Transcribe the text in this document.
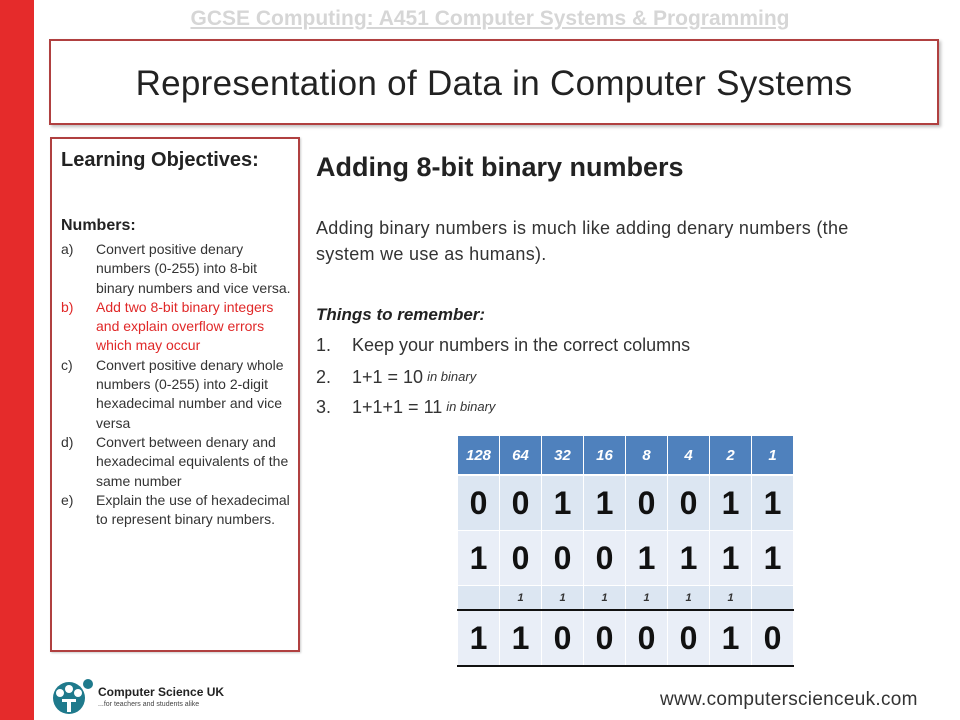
GCSE Computing: A451 Computer Systems & Programming
Representation of Data in Computer Systems
Learning Objectives:
Numbers:
a)	Convert positive denary numbers (0-255) into 8-bit binary numbers and vice versa.
b)	Add two 8-bit binary integers and explain overflow errors which may occur
c)	Convert positive denary whole numbers (0-255) into 2-digit hexadecimal number and vice versa
d)	Convert between denary and hexadecimal equivalents of the same number
e)	Explain the use of hexadecimal to represent binary numbers.
Adding 8-bit binary numbers
Adding binary numbers is much like adding denary numbers (the system we use as humans).
Things to remember:
1.	Keep your numbers in the correct columns
2.	1+1 = 10 in binary
3.	1+1+1 = 11 in binary
128	64	32	16	8	4	2	1
0	0	1	1	0	0	1	1
1	0	0	0	1	1	1	1
	1	1	1	1	1	1	
1	1	0	0	0	0	1	0
Computer Science UK
...for teachers and students alike	www.computerscienceuk.com
